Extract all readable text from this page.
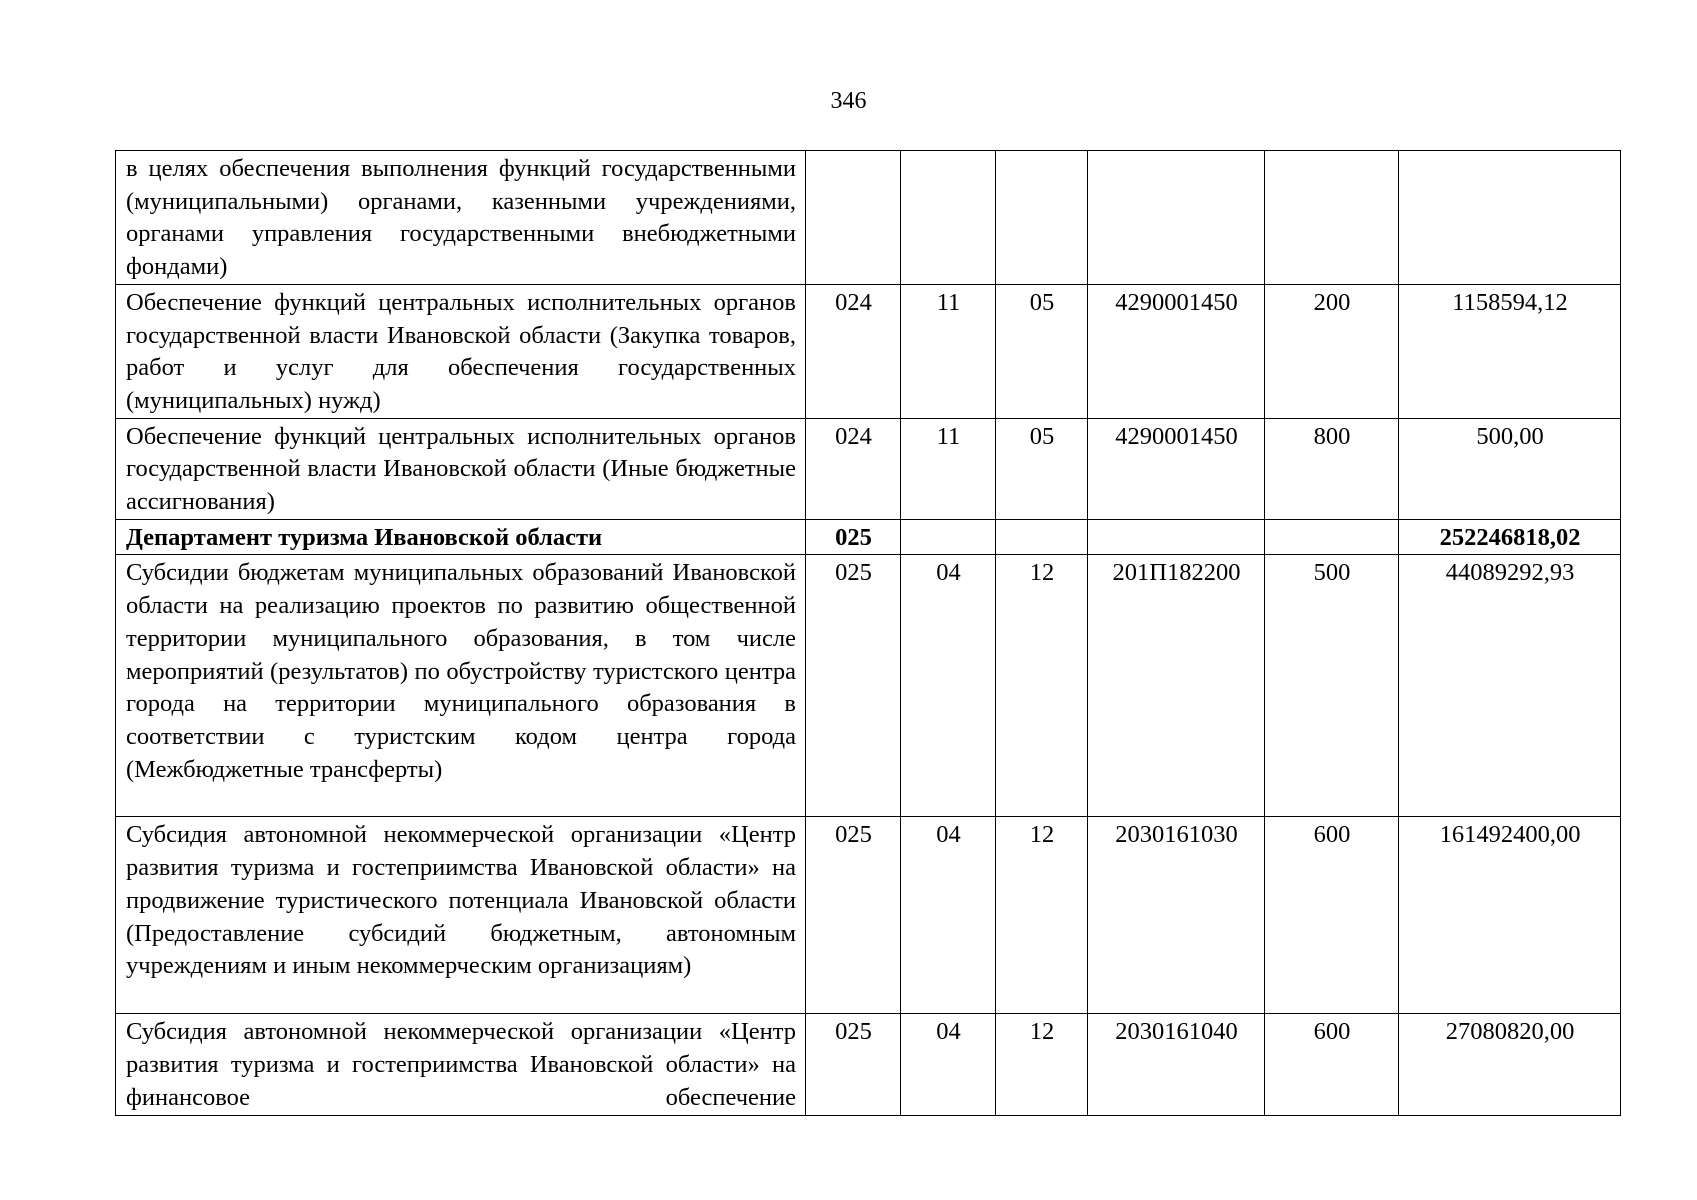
346
в целях обеспечения выполнения функций государственными (муниципальными) органами, казенными учреждениями, органами управления государственными внебюджетными фондами)						
Обеспечение функций центральных исполнительных органов государственной власти Ивановской области (Закупка товаров, работ и услуг для обеспечения государственных (муниципальных) нужд)	024	11	05	4290001450	200	1158594,12
Обеспечение функций центральных исполнительных органов государственной власти Ивановской области (Иные бюджетные ассигнования)	024	11	05	4290001450	800	500,00
Департамент туризма Ивановской области	025					252246818,02
Субсидии бюджетам муниципальных образований Ивановской области на реализацию проектов по развитию общественной территории муниципального образования, в том числе мероприятий (результатов) по обустройству туристского центра города на территории муниципального образования в соответствии с туристским кодом центра города (Межбюджетные трансферты)	025	04	12	201П182200	500	44089292,93
Субсидия автономной некоммерческой организации «Центр развития туризма и гостеприимства Ивановской области» на продвижение туристического потенциала Ивановской области (Предоставление субсидий бюджетным, автономным учреждениям и иным некоммерческим организациям)	025	04	12	2030161030	600	161492400,00
Субсидия автономной некоммерческой организации «Центр развития туризма и гостеприимства Ивановской области» на финансовое обеспечение	025	04	12	2030161040	600	27080820,00
